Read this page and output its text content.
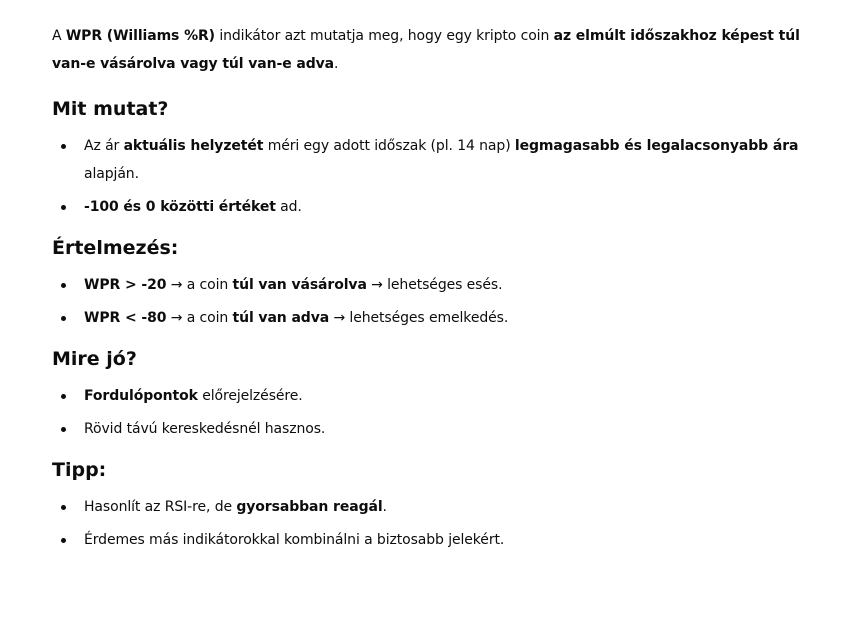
A WPR (Williams %R) indikátor azt mutatja meg, hogy egy kripto coin az elmúlt időszakhoz képest túl van-e vásárolva vagy túl van-e adva.

Mit mutat?
Az ár aktuális helyzetét méri egy adott időszak (pl. 14 nap) legmagasabb és legalacsonyabb ára alapján.
-100 és 0 közötti értéket ad.
Értelmezés:
WPR > -20 → a coin túl van vásárolva → lehetséges esés.
WPR < -80 → a coin túl van adva → lehetséges emelkedés.
Mire jó?
Fordulópontok előrejelzésére.
Rövid távú kereskedésnél hasznos.
Tipp:
Hasonlít az RSI-re, de gyorsabban reagál.
Érdemes más indikátorokkal kombinálni a biztosabb jelekért.
